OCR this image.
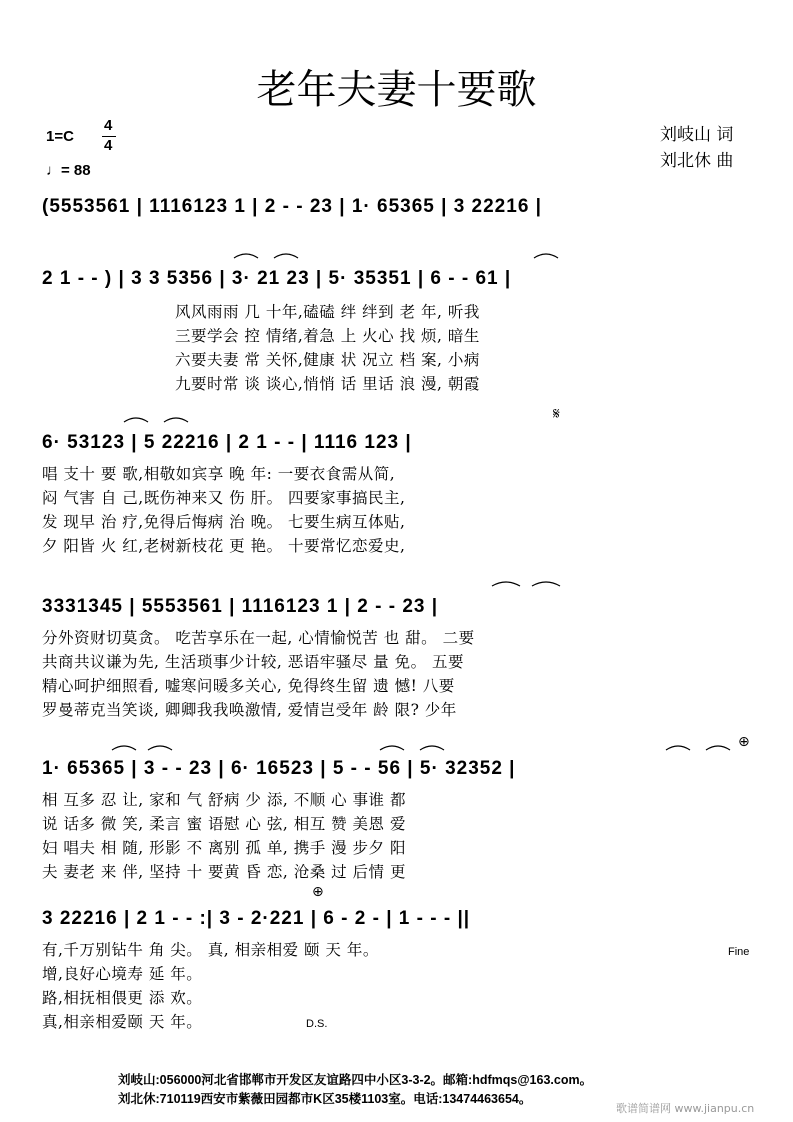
老年夫妻十要歌
刘岐山 词
刘北休 曲
1=C
4
4
♩= 88
(5553561 | 1116123 1 | 2 - - 23 | 1· 65365 | 3 22216 |
2 1 - - ) | 3 3 5356 | 3· 21 23 | 5· 35351 | 6 - - 61 |
风风雨雨 几 十年,磕磕 绊 绊到 老 年, 听我
三要学会 控 情绪,着急 上 火心 找 烦, 暗生
六要夫妻 常 关怀,健康 状 况立 档 案, 小病
九要时常 谈 谈心,悄悄 话 里话 浪 漫, 朝霞
𝄋
6· 53123 | 5 22216 | 2 1 - - | 1116 123 |
唱 支十 要 歌,相敬如宾享 晚 年: 一要衣食需从简,
闷 气害 自 己,既伤神来又 伤 肝。 四要家事搞民主,
发 现早 治 疗,免得后悔病 治 晚。 七要生病互体贴,
夕 阳皆 火 红,老树新枝花 更 艳。 十要常忆恋爱史,
3331345 | 5553561 | 1116123 1 | 2 - - 23 |
分外资财切莫贪。 吃苦享乐在一起, 心情愉悦苦 也 甜。 二要
共商共议谦为先, 生活琐事少计较, 恶语牢骚尽 量 免。 五要
精心呵护细照看, 嘘寒问暖多关心, 免得终生留 遗 憾! 八要
罗曼蒂克当笑谈, 卿卿我我唤激情, 爱情岂受年 龄 限? 少年
⊕
1· 65365 | 3 - - 23 | 6· 16523 | 5 - - 56 | 5· 32352 |
相 互多 忍 让, 家和 气 舒病 少 添, 不顺 心 事谁 都
说 话多 微 笑, 柔言 蜜 语慰 心 弦, 相互 赞 美恩 爱
妇 唱夫 相 随, 形影 不 离别 孤 单, 携手 漫 步夕 阳
夫 妻老 来 伴, 坚持 十 要黄 昏 恋, 沧桑 过 后情 更
⊕
3 22216 | 2 1 - - :| 3 - 2·221 | 6 - 2 - | 1 - - - ||
Fine
有,千万别钻牛 角 尖。 真, 相亲相爱 颐 天 年。
增,良好心境寿 延 年。
路,相抚相偎更 添 欢。
真,相亲相爱颐 天 年。	D.S.
刘岐山:056000河北省邯郸市开发区友谊路四中小区3-3-2。邮箱:hdfmqs@163.com。
刘北休:710119西安市紫薇田园都市K区35楼1103室。电话:13474463654。
歌谱简谱网 www.jianpu.cn
